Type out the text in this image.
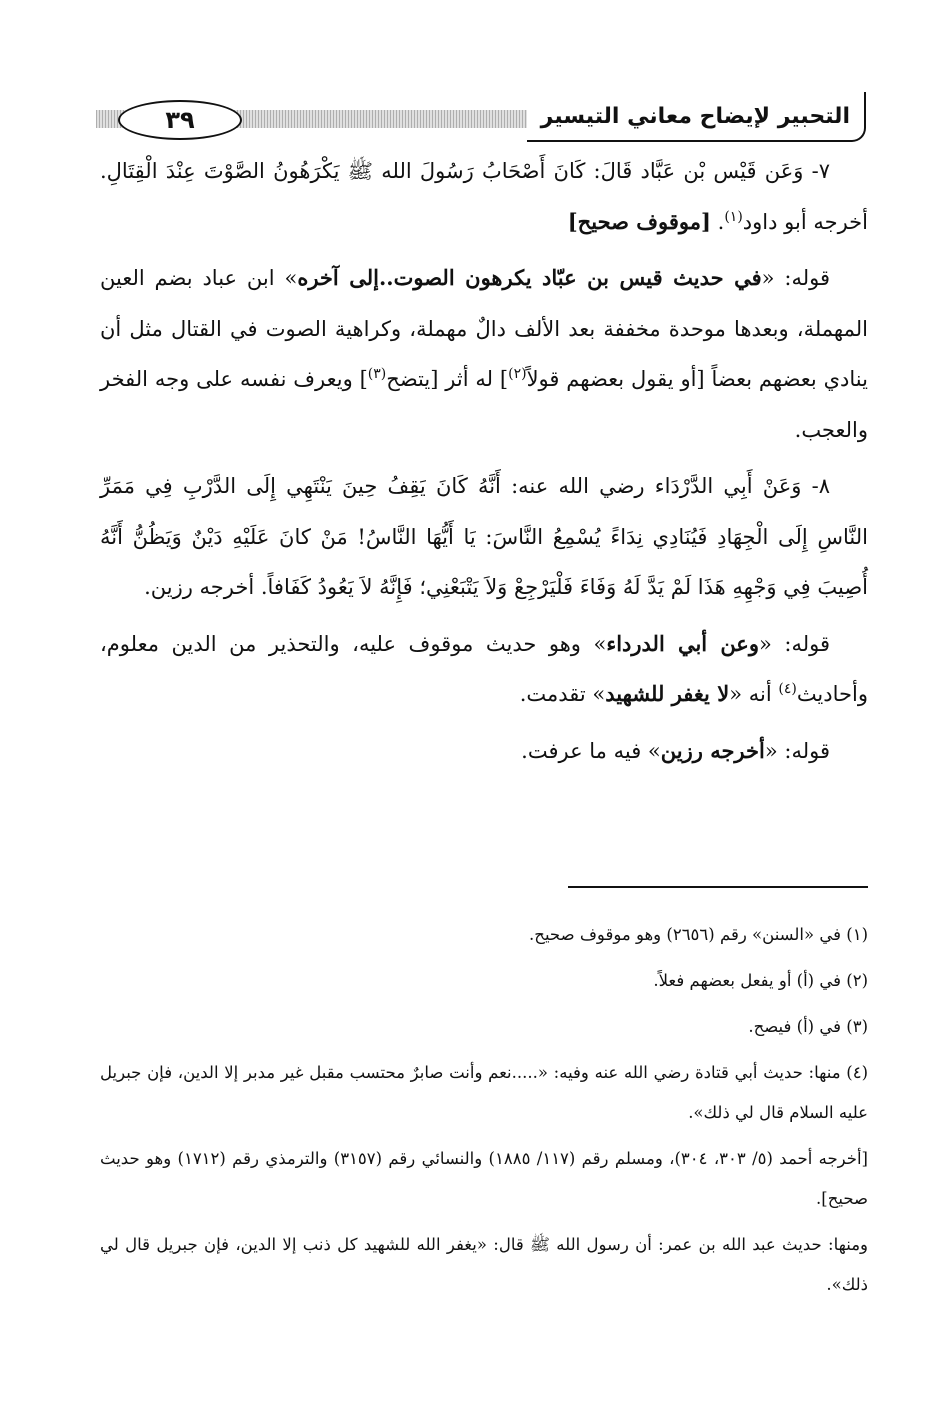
٣٩	التحبير لإيضاح معاني التيسير

٧- وَعَن قَيْس بْن عَبَّاد قَالَ: كَانَ أَصْحَابُ رَسُولَ الله ﷺ يَكْرَهُونُ الصَّوْتَ عِنْدَ الْقِتَالِ. أخرجه أبو داود$^{(١)}$. [موقوف صحيح]

قوله: «في حديث قيس بن عبّاد يكرهون الصوت..إلى آخره» ابن عباد بضم العين المهملة، وبعدها موحدة مخففة بعد الألف دالٌ مهملة، وكراهية الصوت في القتال مثل أن ينادي بعضهم بعضاً [أو يقول بعضهم قولاً$^{(٢)}$] له أثر [يتضح$^{(٣)}$] ويعرف نفسه على وجه الفخر والعجب.

٨- وَعَنْ أَبِي الدَّرْدَاء رضي الله عنه: أَنَّهُ كَانَ يَقِفُ حِينَ يَنْتَهِي إِلَى الدَّرْبِ فِي مَمَرِّ النَّاسِ إِلَى الْجِهَادِ فَيُنَادِي نِدَاءً يُسْمِعُ النَّاسَ: يَا أَيُّهَا النَّاسُ! مَنْ كانَ عَلَيْهِ دَيْنٌ وَيَظُنُّ أَنَّهُ أُصِيبَ فِي وَجْهِهِ هَذَا لَمْ يَدَّ لَهُ وَفَاءَ فَلْيَرْجِعْ وَلاَ يَتْبَعْنِي؛ فَإِنَّهُ لاَ يَعُودُ كَفَافاً. أخرجه رزين.

قوله: «وعن أبي الدرداء» وهو حديث موقوف عليه، والتحذير من الدين معلوم، وأحاديث$^{(٤)}$ أنه «لا يغفر للشهيد» تقدمت.

قوله: «أخرجه رزين» فيه ما عرفت.

(١) في «السنن» رقم (٢٦٥٦) وهو موقوف صحيح.

(٢) في (أ) أو يفعل بعضهم فعلاً.

(٣) في (أ) فيصح.

(٤) منها: حديث أبي قتادة رضي الله عنه وفيه: «.....نعم وأنت صابرٌ محتسب مقبل غير مدبر إلا الدين، فإن جبريل عليه السلام قال لي ذلك».

[أخرجه أحمد (٥/ ٣٠٣، ٣٠٤)، ومسلم رقم (١١٧/ ١٨٨٥) والنسائي رقم (٣١٥٧) والترمذي رقم (١٧١٢) وهو حديث صحيح].

ومنها: حديث عبد الله بن عمر: أن رسول الله ﷺ قال: «يغفر الله للشهيد كل ذنب إلا الدين، فإن جبريل قال لي ذلك».
